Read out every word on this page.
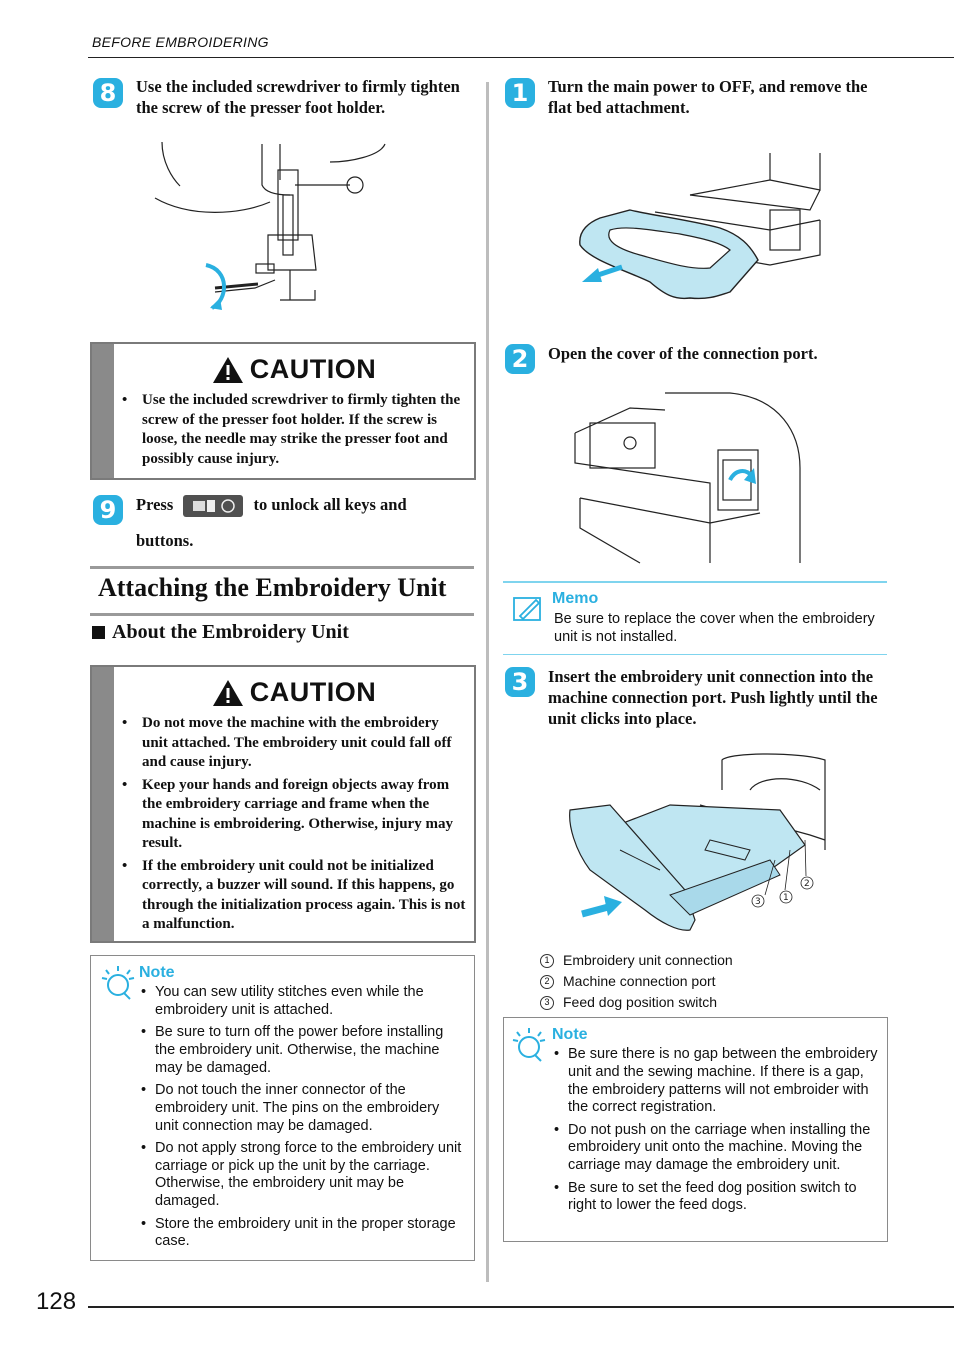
BEFORE EMBROIDERING
8	Use the included screwdriver to firmly tighten the screw of the presser foot holder.
CAUTION
• Use the included screwdriver to firmly tighten the screw of the presser foot holder. If the screw is loose, the needle may strike the presser foot and possibly cause injury.
9	Press	to unlock all keys and
buttons.
Attaching the Embroidery Unit
About the Embroidery Unit
CAUTION
• Do not move the machine with the embroidery unit attached. The embroidery unit could fall off and cause injury.
• Keep your hands and foreign objects away from the embroidery carriage and frame when the machine is embroidering. Otherwise, injury may result.
• If the embroidery unit could not be initialized correctly, a buzzer will sound. If this happens, go through the initialization process again. This is not a malfunction.
Note
• You can sew utility stitches even while the embroidery unit is attached.
• Be sure to turn off the power before installing the embroidery unit. Otherwise, the machine may be damaged.
• Do not touch the inner connector of the embroidery unit. The pins on the embroidery unit connection may be damaged.
• Do not apply strong force to the embroidery unit carriage or pick up the unit by the carriage. Otherwise, the embroidery unit may be damaged.
• Store the embroidery unit in the proper storage case.
1	Turn the main power to OFF, and remove the flat bed attachment.
2	Open the cover of the connection port.
Memo
Be sure to replace the cover when the embroidery unit is not installed.
3	Insert the embroidery unit connection into the machine connection port. Push lightly until the unit clicks into place.
3 1
2
1 Embroidery unit connection
2 Machine connection port
3 Feed dog position switch
Note
• Be sure there is no gap between the embroidery unit and the sewing machine. If there is a gap, the embroidery patterns will not embroider with the correct registration.
• Do not push on the carriage when installing the embroidery unit onto the machine. Moving the carriage may damage the embroidery unit.
• Be sure to set the feed dog position switch to right to lower the feed dogs.
128
